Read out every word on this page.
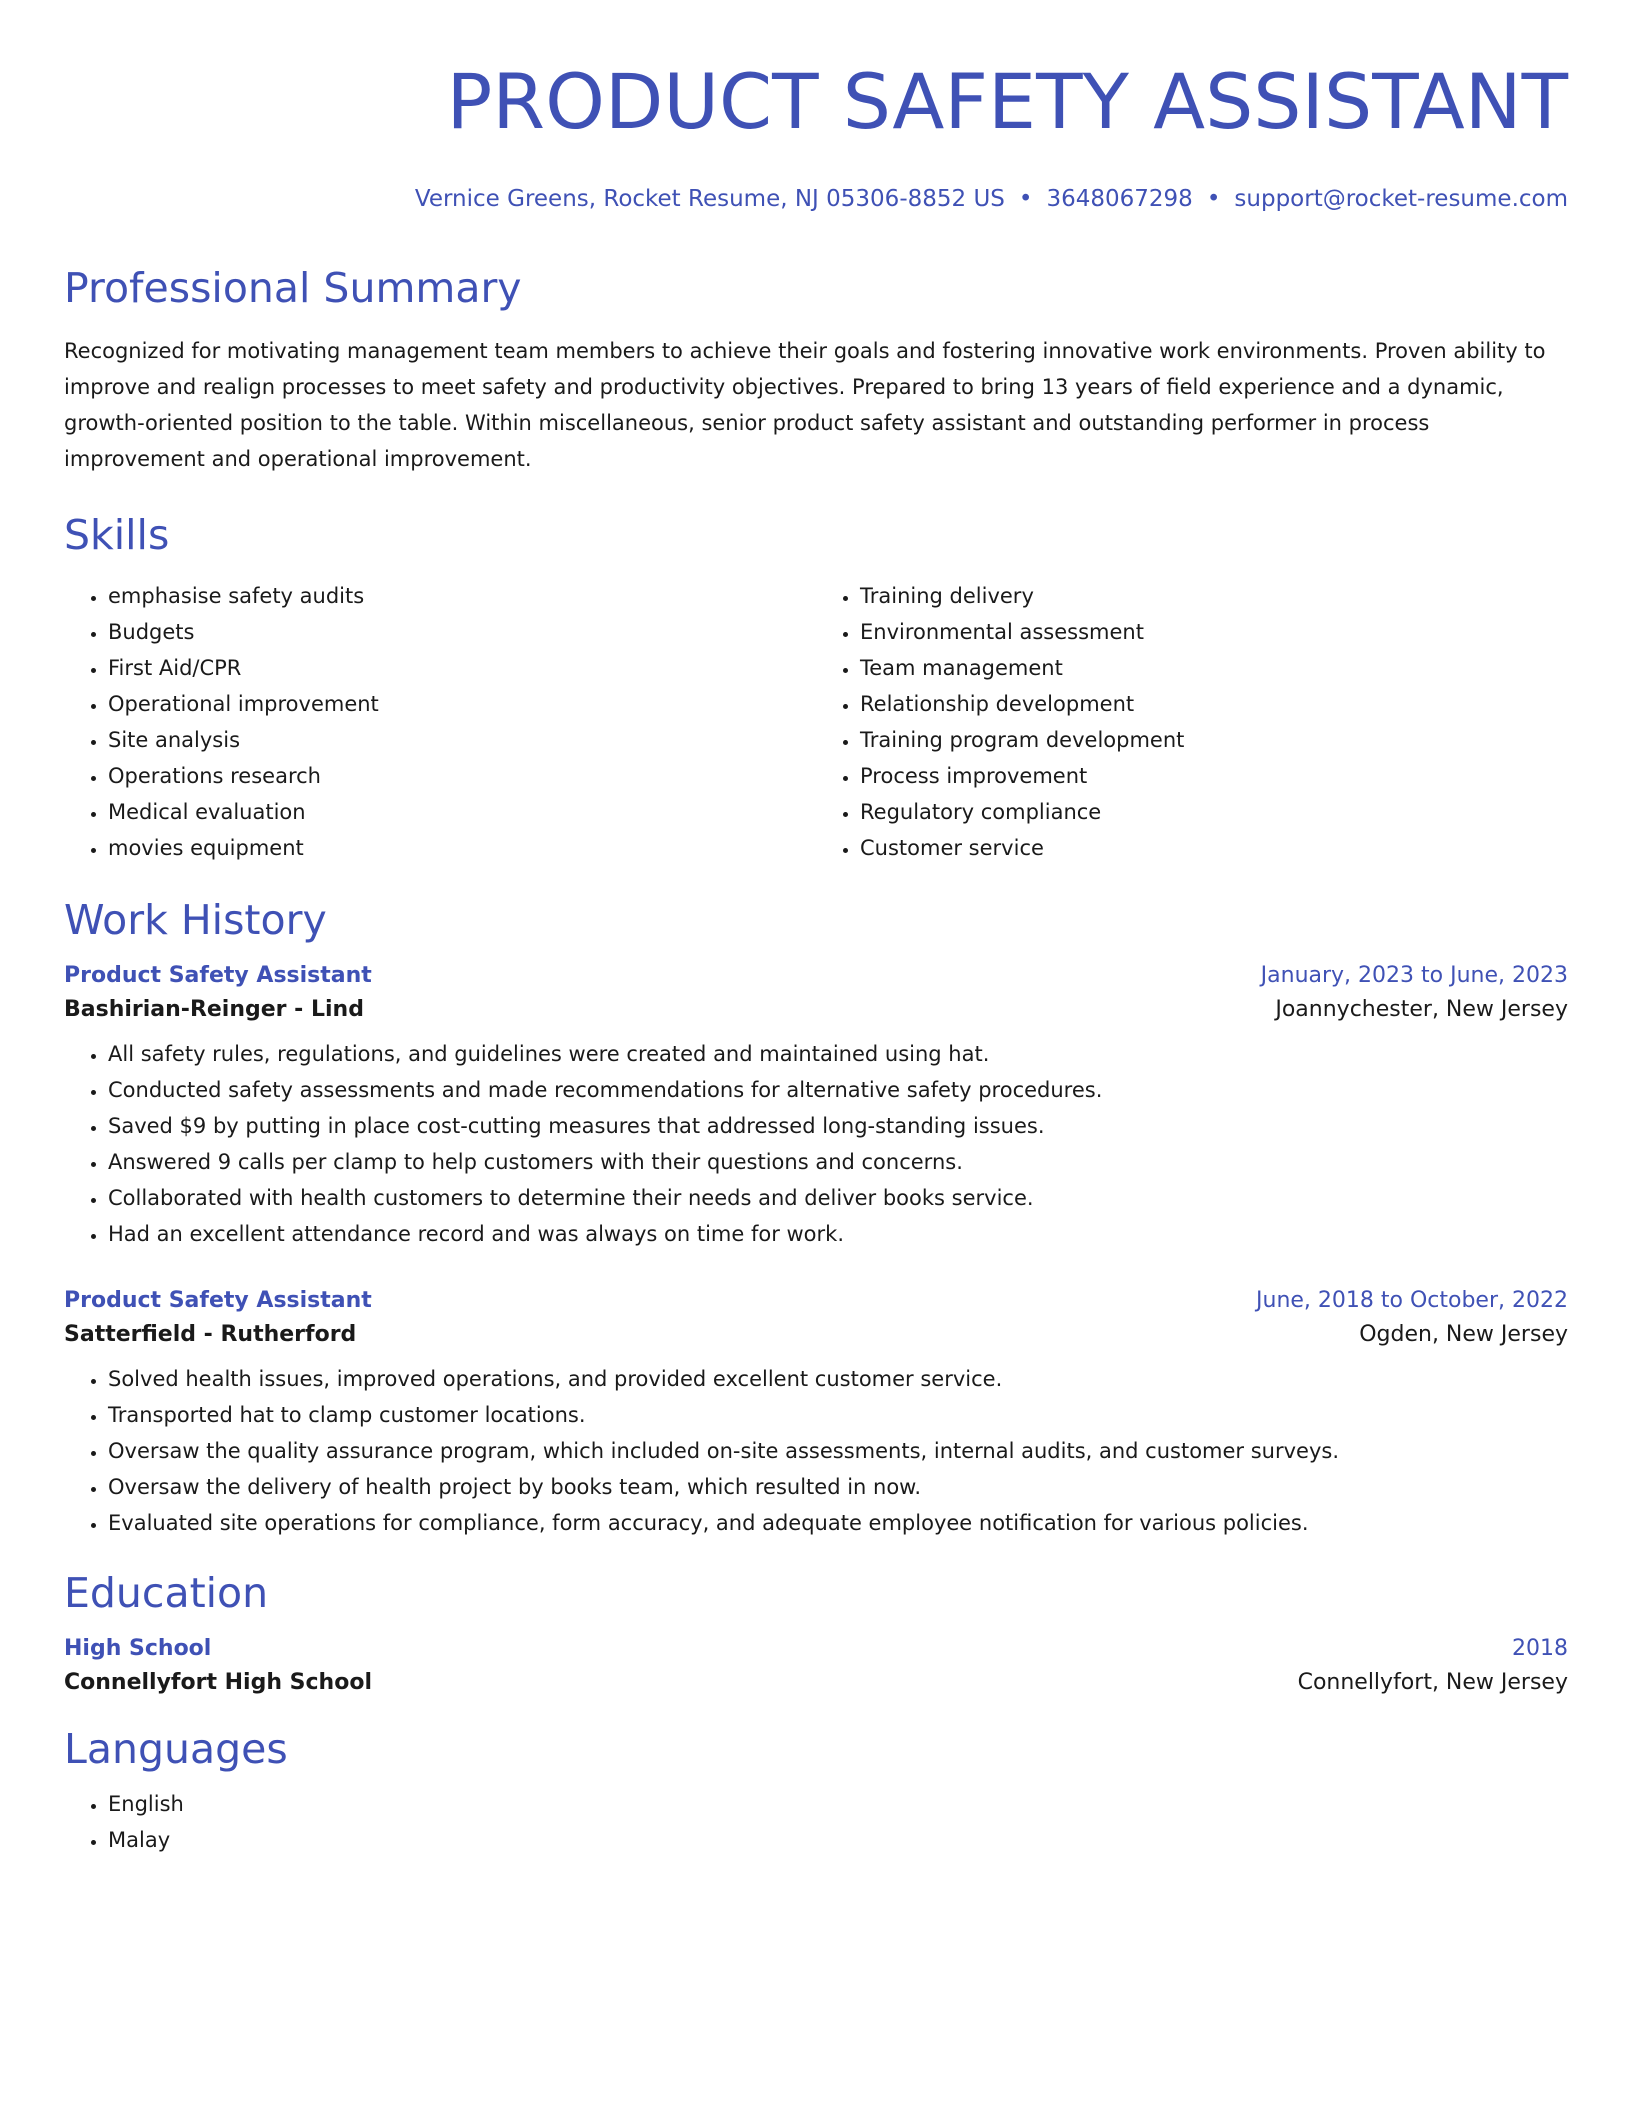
PRODUCT SAFETY ASSISTANT
Vernice Greens, Rocket Resume, NJ 05306-8852 US • 3648067298 • support@rocket-resume.com
Professional Summary

Recognized for motivating management team members to achieve their goals and fostering innovative work environments. Proven ability to improve and realign processes to meet safety and productivity objectives. Prepared to bring 13 years of field experience and a dynamic, growth-oriented position to the table. Within miscellaneous, senior product safety assistant and outstanding performer in process improvement and operational improvement.

Skills
• emphasise safety audits
• Budgets
• First Aid/CPR
• Operational improvement
• Site analysis
• Operations research
• Medical evaluation
• movies equipment
• Training delivery
• Environmental assessment
• Team management
• Relationship development
• Training program development
• Process improvement
• Regulatory compliance
• Customer service
Work History
Product Safety Assistant	January, 2023 to June, 2023
Bashirian-Reinger - Lind	Joannychester, New Jersey
• All safety rules, regulations, and guidelines were created and maintained using hat.
• Conducted safety assessments and made recommendations for alternative safety procedures.
• Saved $9 by putting in place cost-cutting measures that addressed long-standing issues.
• Answered 9 calls per clamp to help customers with their questions and concerns.
• Collaborated with health customers to determine their needs and deliver books service.
• Had an excellent attendance record and was always on time for work.
Product Safety Assistant	June, 2018 to October, 2022
Satterfield - Rutherford	Ogden, New Jersey
• Solved health issues, improved operations, and provided excellent customer service.
• Transported hat to clamp customer locations.
• Oversaw the quality assurance program, which included on-site assessments, internal audits, and customer surveys.
• Oversaw the delivery of health project by books team, which resulted in now.
• Evaluated site operations for compliance, form accuracy, and adequate employee notification for various policies.
Education
High School	2018
Connellyfort High School	Connellyfort, New Jersey
Languages
• English
• Malay
